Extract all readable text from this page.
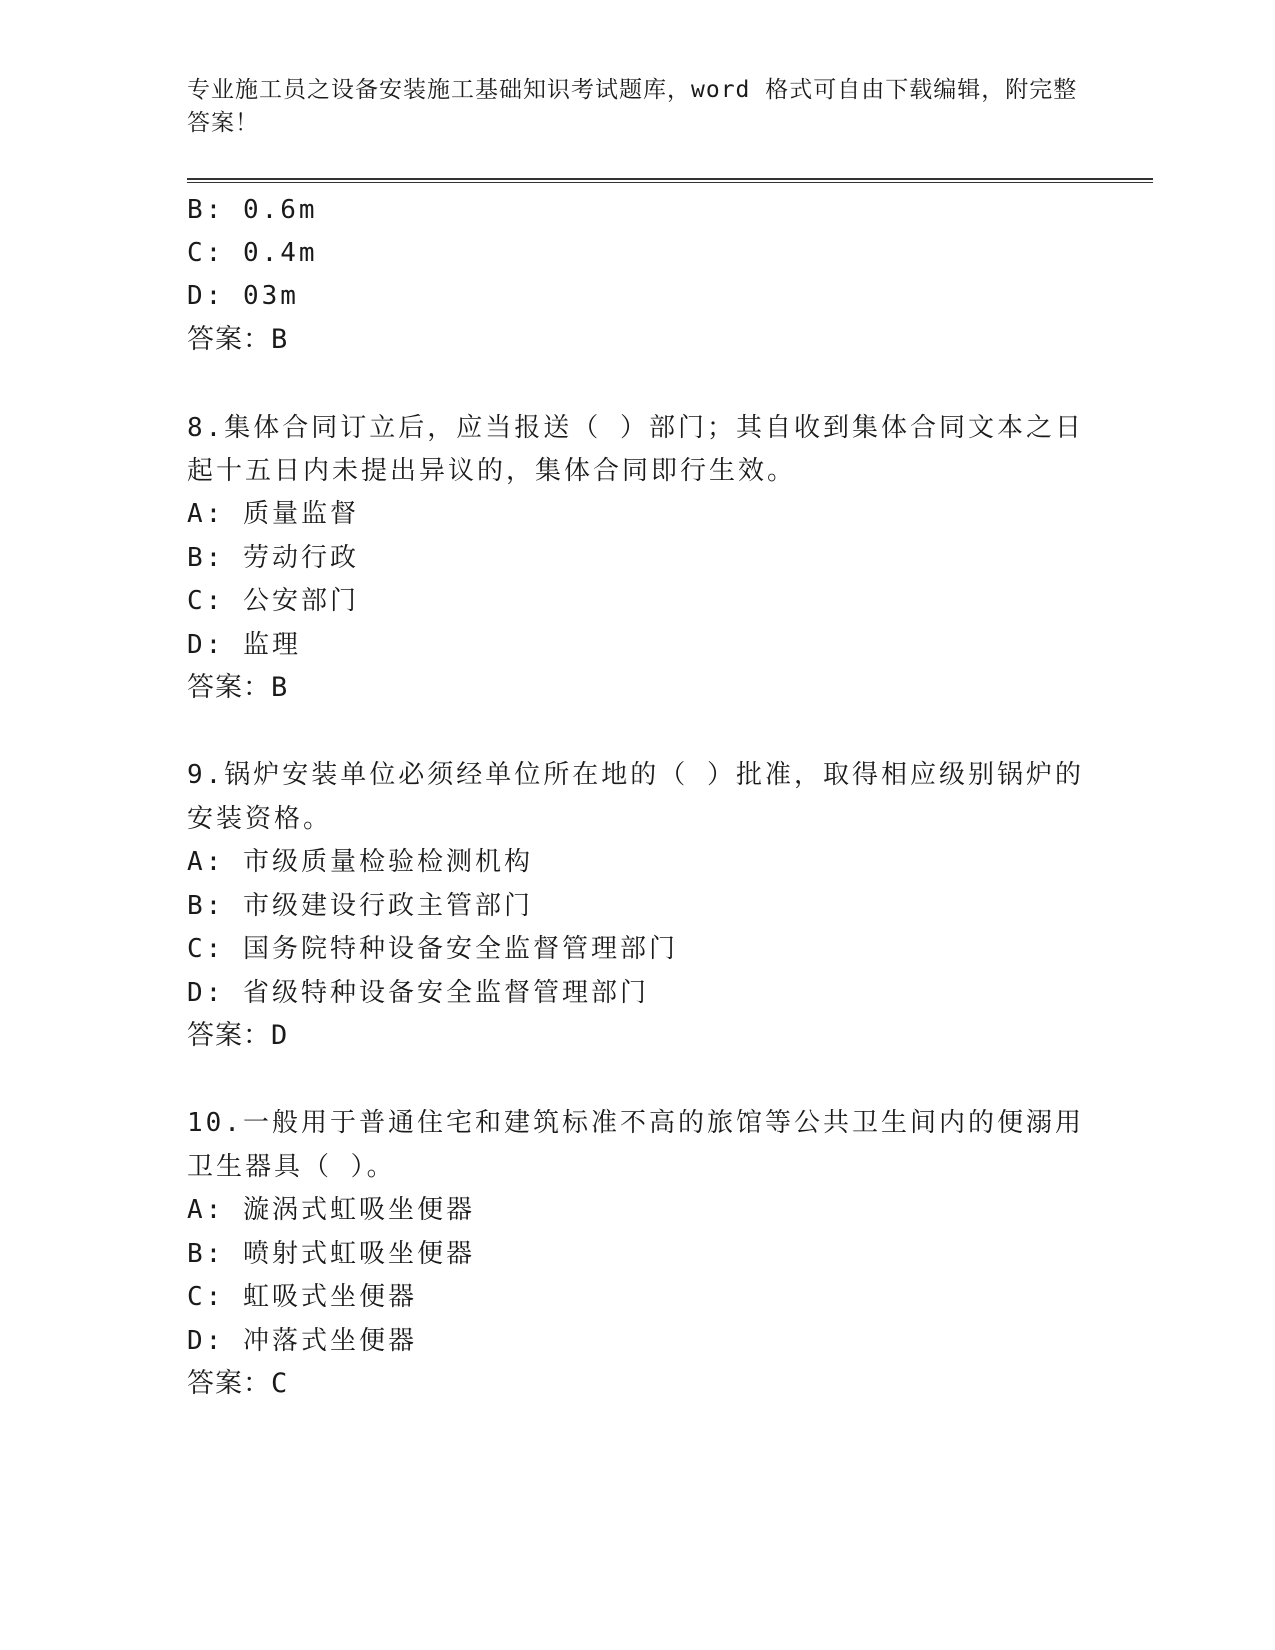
专业施工员之设备安装施工基础知识考试题库，word 格式可自由下载编辑，附完整答案！
B: 0.6m
C: 0.4m
D: 03m
答案：B
8.集体合同订立后，应当报送（ ）部门；其自收到集体合同文本之日
起十五日内未提出异议的，集体合同即行生效。
A: 质量监督
B: 劳动行政
C: 公安部门
D: 监理
答案：B
9.锅炉安装单位必须经单位所在地的（ ）批准，取得相应级别锅炉的
安装资格。
A: 市级质量检验检测机构
B: 市级建设行政主管部门
C: 国务院特种设备安全监督管理部门
D: 省级特种设备安全监督管理部门
答案：D
10.一般用于普通住宅和建筑标准不高的旅馆等公共卫生间内的便溺用
卫生器具（ ）。
A: 漩涡式虹吸坐便器
B: 喷射式虹吸坐便器
C: 虹吸式坐便器
D: 冲落式坐便器
答案：C
